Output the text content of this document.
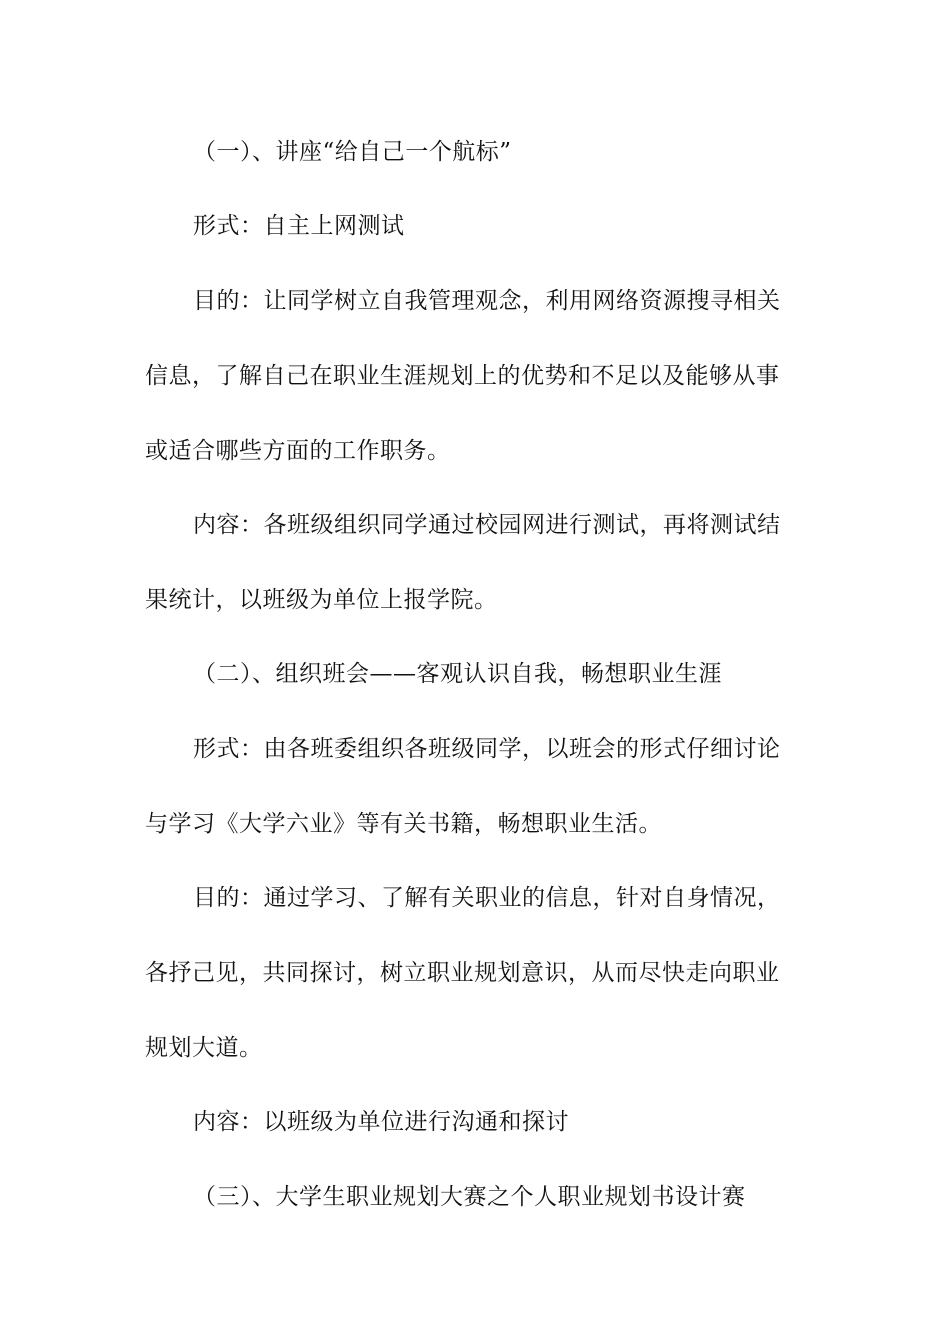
（一）、讲座“给自己一个航标”
形式：自主上网测试
目的：让同学树立自我管理观念，利用网络资源搜寻相关
信息，了解自己在职业生涯规划上的优势和不足以及能够从事
或适合哪些方面的工作职务。
内容：各班级组织同学通过校园网进行测试，再将测试结
果统计，以班级为单位上报学院。
（二）、组织班会——客观认识自我，畅想职业生涯
形式：由各班委组织各班级同学，以班会的形式仔细讨论
与学习《大学六业》等有关书籍，畅想职业生活。
目的：通过学习、了解有关职业的信息，针对自身情况，
各抒己见，共同探讨，树立职业规划意识，从而尽快走向职业
规划大道。
内容：以班级为单位进行沟通和探讨
（三）、大学生职业规划大赛之个人职业规划书设计赛
